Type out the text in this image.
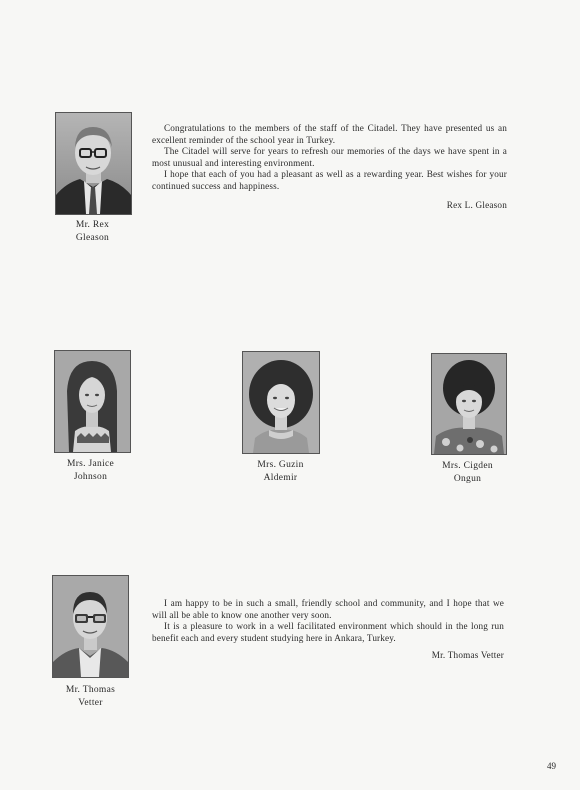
Mr. Rex
Gleason

Congratulations to the members of the staff of the Citadel. They have presented us an excellent reminder of the school year in Turkey.

The Citadel will serve for years to refresh our memories of the days we have spent in a most unusual and interesting environment.

I hope that each of you had a pleasant as well as a rewarding year. Best wishes for your continued success and happiness.

Rex L. Gleason
Mrs. Janice
Johnson
Mrs. Guzin
Aldemir
Mrs. Cigden
Ongun
Mr. Thomas
Vetter

I am happy to be in such a small, friendly school and community, and I hope that we will all be able to know one another very soon.

It is a pleasure to work in a well facilitated environment which should in the long run benefit each and every student studying here in Ankara, Turkey.

Mr. Thomas Vetter
49
